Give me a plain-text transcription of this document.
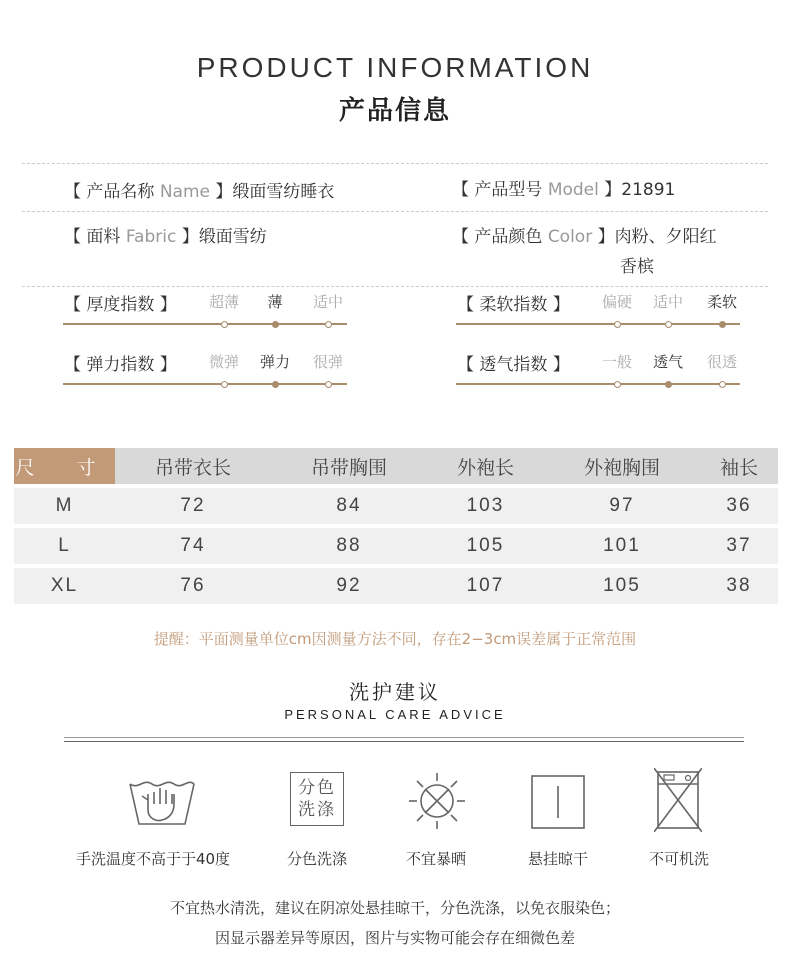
PRODUCT INFORMATION
产品信息
【 产品名称 Name 】缎面雪纺睡衣	【 产品型号 Model 】21891
【 面料 Fabric 】缎面雪纺	【 产品颜色 Color 】肉粉、夕阳红
香槟
【 厚度指数 】	超薄	薄	适中	【 柔软指数 】	偏硬	适中	柔软
【 弹力指数 】	微弹	弹力	很弹	【 透气指数 】	一般	透气	很透
尺 寸	吊带衣长	吊带胸围	外袍长	外袍胸围	袖长
M	72	84	103	97	36
L	74	88	105	101	37
XL	76	92	107	105	38
提醒：平面测量单位cm因测量方法不同，存在2−3cm误差属于正常范围
洗护建议
PERSONAL CARE ADVICE
分色
洗涤
手洗温度不高于于40度	分色洗涤	不宜暴晒	悬挂晾干	不可机洗
不宜热水清洗，建议在阴凉处悬挂晾干，分色洗涤，以免衣服染色；
因显示器差异等原因，图片与实物可能会存在细微色差
